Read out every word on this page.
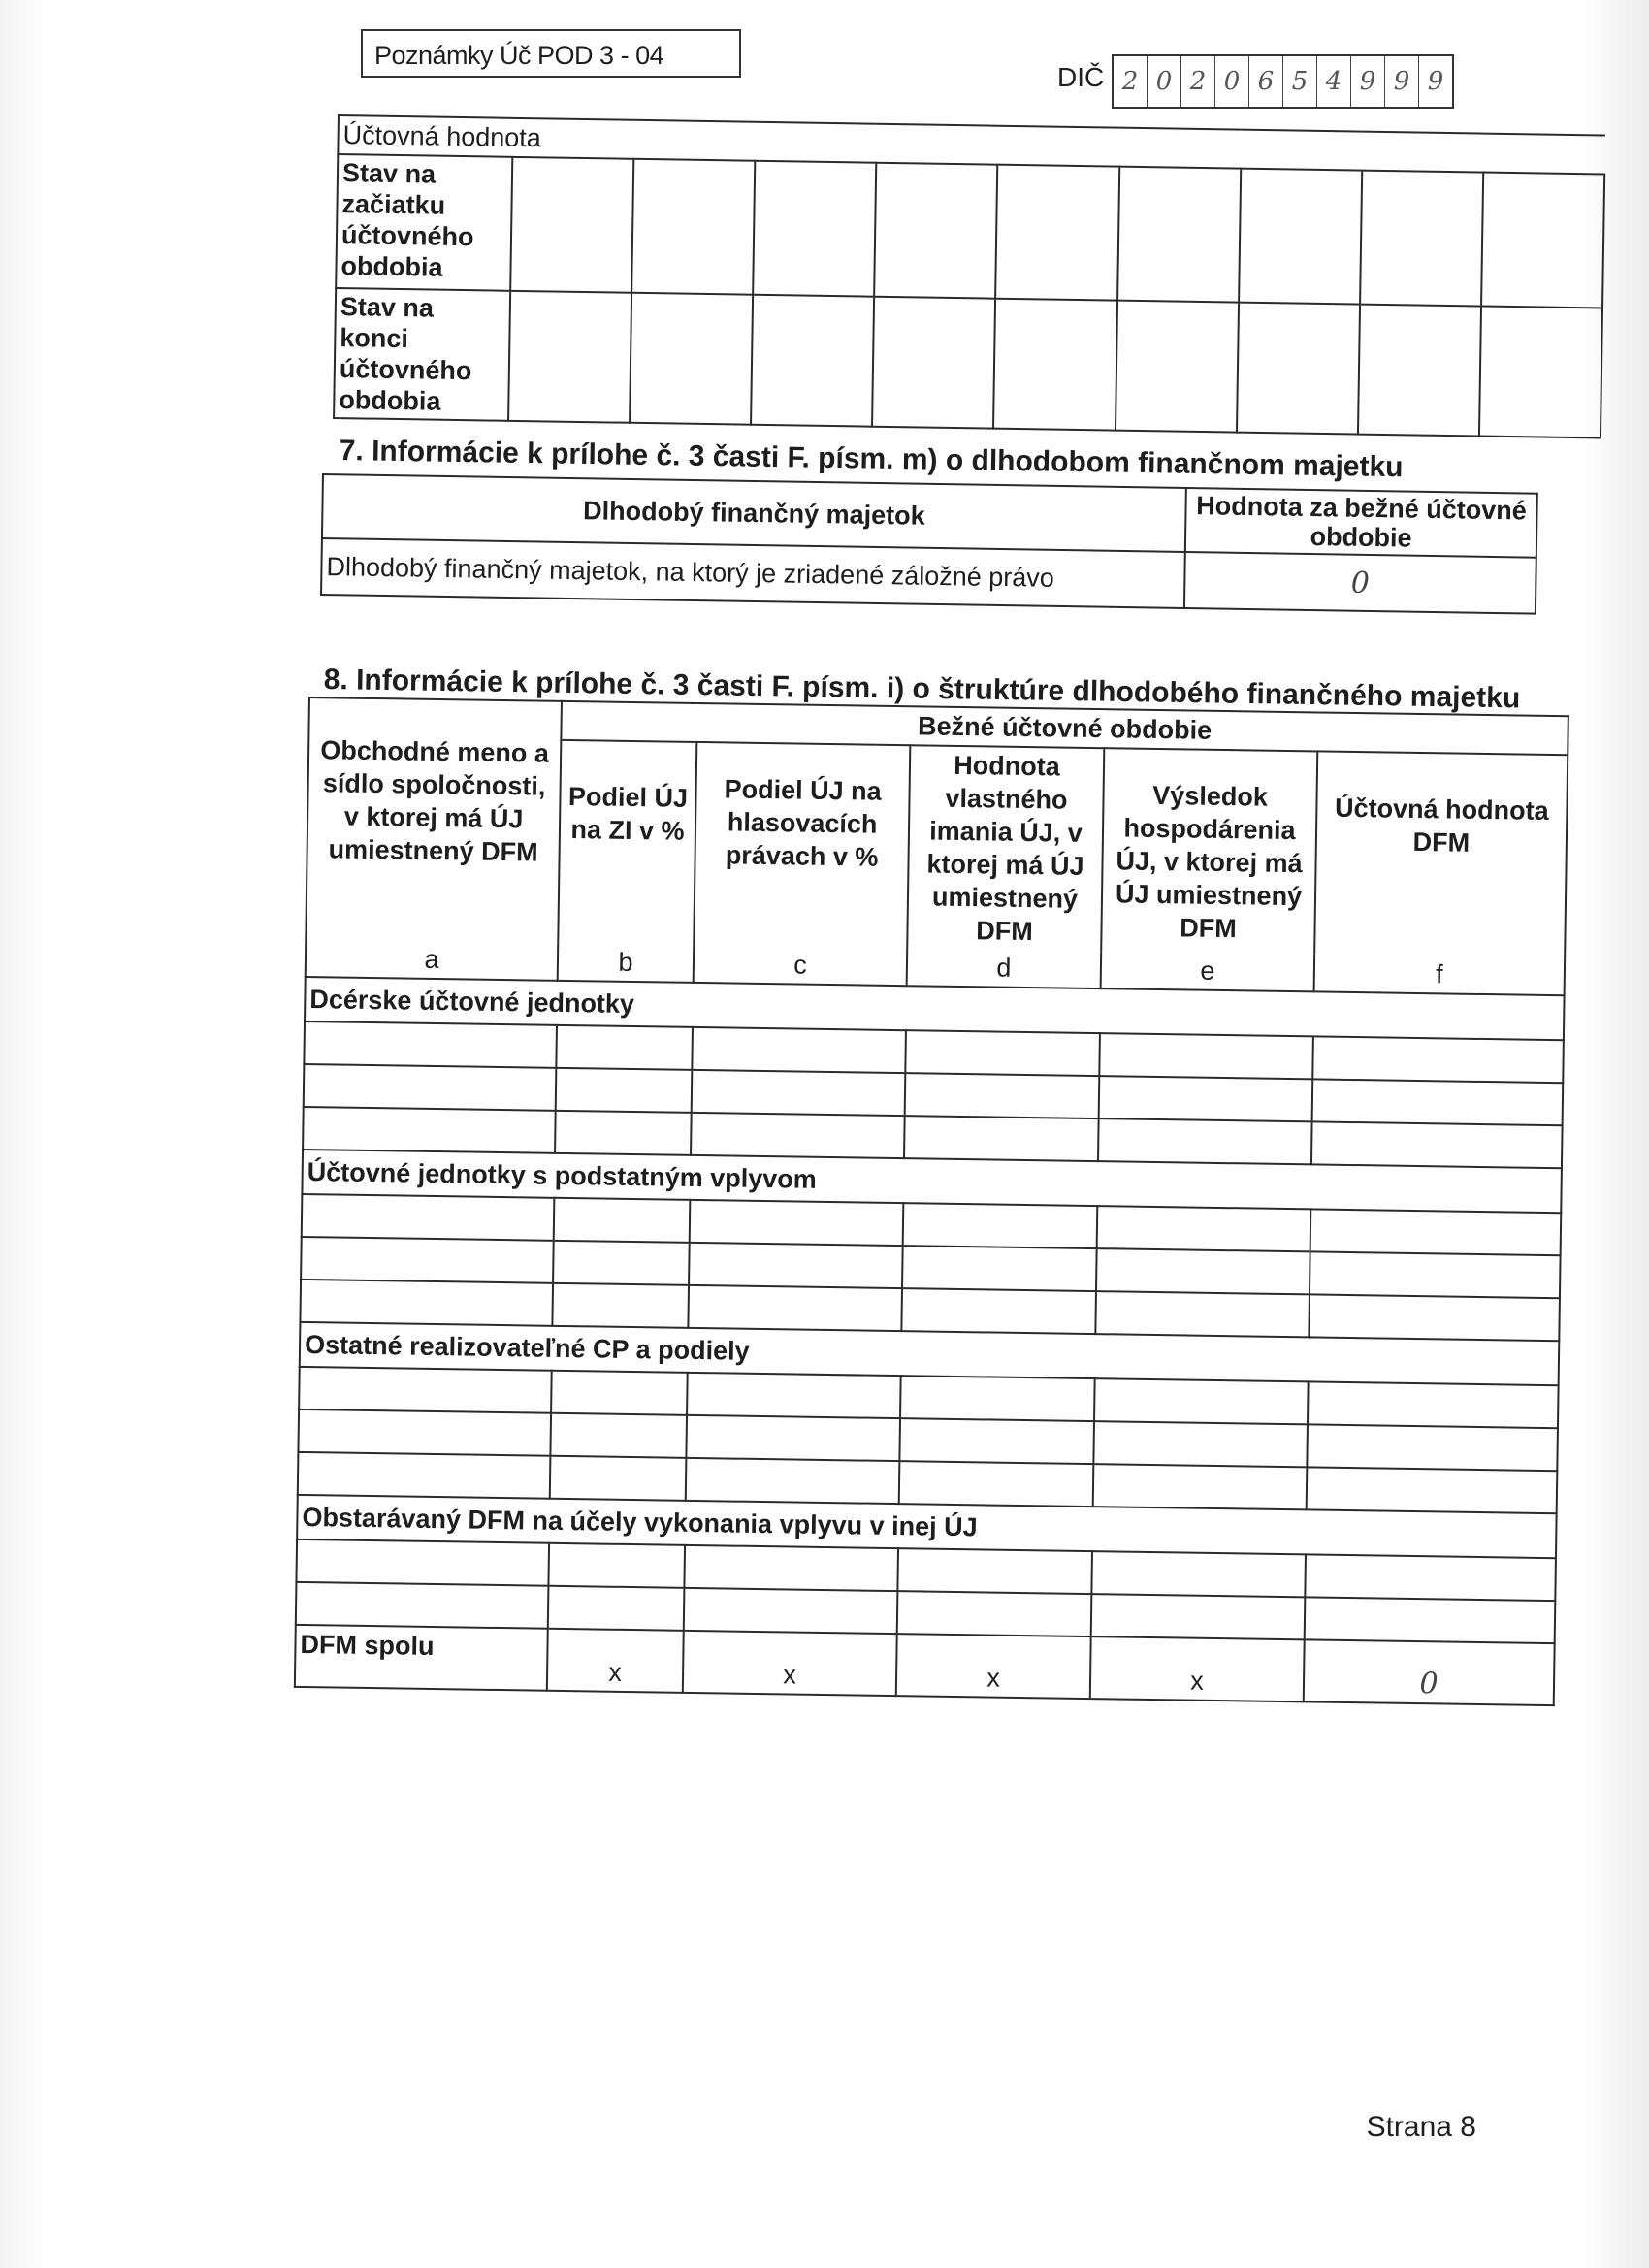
Poznámky Úč POD 3 - 04
DIČ 2 0 2 0 6 5 4 9 9 9
Účtovná hodnota									
Stav na začiatku účtovného obdobia									
Stav na konci účtovného obdobia									
7. Informácie k prílohe č. 3 časti F. písm. m) o dlhodobom finančnom majetku
Dlhodobý finančný majetok	Hodnota za bežné účtovné obdobie
Dlhodobý finančný majetok, na ktorý je zriadené záložné právo	0
8. Informácie k prílohe č. 3 časti F. písm. i) o štruktúre dlhodobého finančného majetku
Obchodné meno a sídlo spoločnosti, v ktorej má ÚJ umiestnený DFM	Bežné účtovné obdobie				
	Podiel ÚJ na ZI v %	Podiel ÚJ na hlasovacích právach v %	Hodnota vlastného imania ÚJ, v ktorej má ÚJ umiestnený DFM	Výsledok hospodárenia ÚJ, v ktorej má ÚJ umiestnený DFM	Účtovná hodnota DFM
a	b	c	d	e	f
Dcérske účtovné jednotky					

Účtovné jednotky s podstatným vplyvom					

Ostatné realizovateľné CP a podiely					

Obstarávaný DFM na účely vykonania vplyvu v inej ÚJ					

DFM spolu	x	x	x	x	0
Strana 8
